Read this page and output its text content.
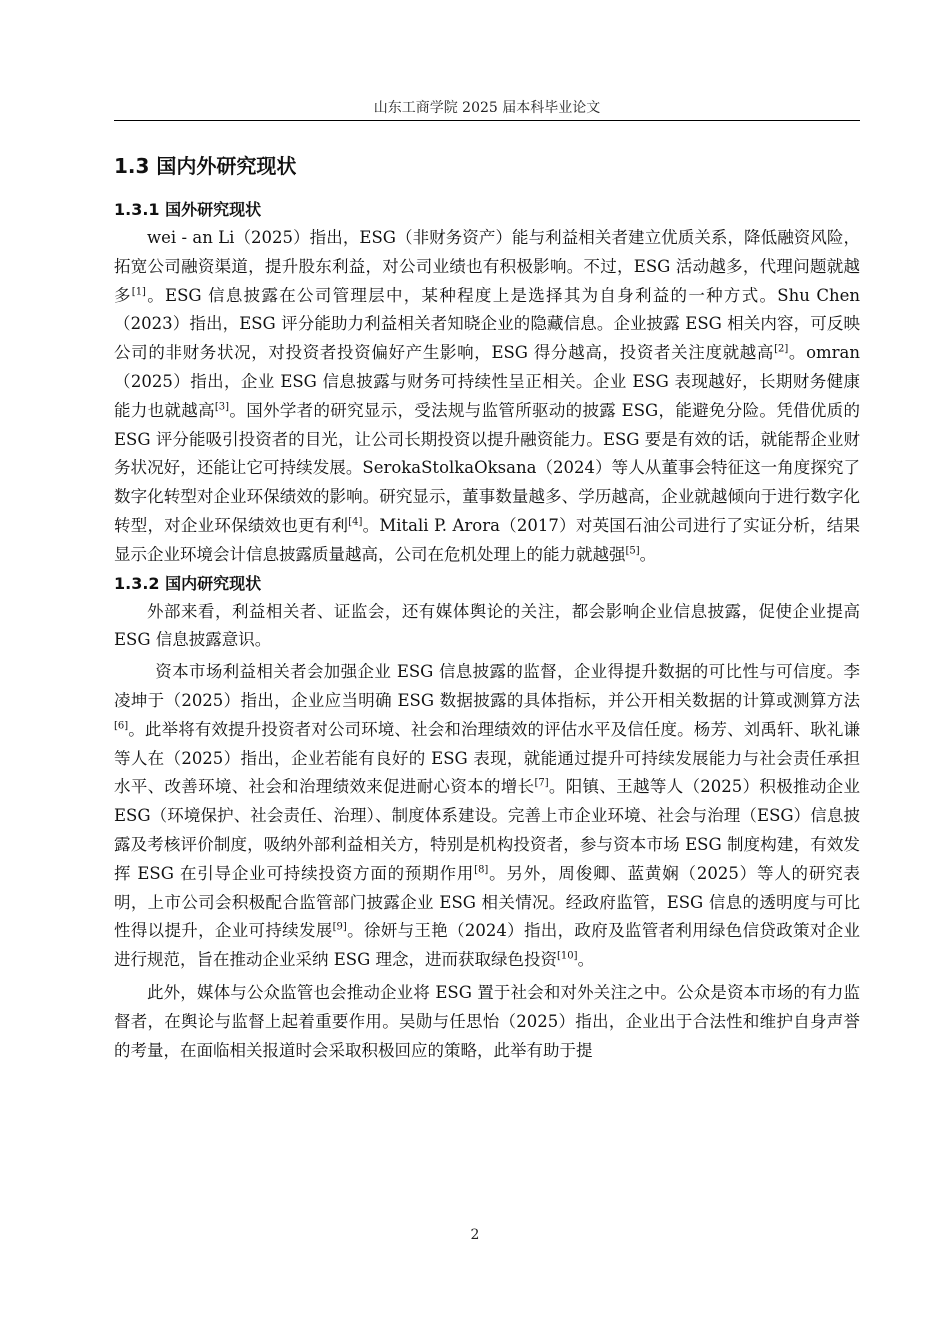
山东工商学院 2025 届本科毕业论文
1.3 国内外研究现状
1.3.1 国外研究现状

wei - an Li（2025）指出，ESG（非财务资产）能与利益相关者建立优质关系，降低融资风险，拓宽公司融资渠道，提升股东利益，对公司业绩也有积极影响。不过，ESG 活动越多，代理问题就越多[1]。ESG 信息披露在公司管理层中，某种程度上是选择其为自身利益的一种方式。Shu Chen（2023）指出，ESG 评分能助力利益相关者知晓企业的隐藏信息。企业披露 ESG 相关内容，可反映公司的非财务状况，对投资者投资偏好产生影响，ESG 得分越高，投资者关注度就越高[2]。omran（2025）指出，企业 ESG 信息披露与财务可持续性呈正相关。企业 ESG 表现越好，长期财务健康能力也就越高[3]。国外学者的研究显示，受法规与监管所驱动的披露 ESG，能避免分险。凭借优质的 ESG 评分能吸引投资者的目光，让公司长期投资以提升融资能力。ESG 要是有效的话，就能帮企业财务状况好，还能让它可持续发展。SerokaStolkaOksana（2024）等人从董事会特征这一角度探究了数字化转型对企业环保绩效的影响。研究显示，董事数量越多、学历越高，企业就越倾向于进行数字化转型，对企业环保绩效也更有利[4]。Mitali P. Arora（2017）对英国石油公司进行了实证分析，结果显示企业环境会计信息披露质量越高，公司在危机处理上的能力就越强[5]。

1.3.2 国内研究现状

外部来看，利益相关者、证监会，还有媒体舆论的关注，都会影响企业信息披露，促使企业提高 ESG 信息披露意识。

资本市场利益相关者会加强企业 ESG 信息披露的监督，企业得提升数据的可比性与可信度。李凌坤于（2025）指出，企业应当明确 ESG 数据披露的具体指标，并公开相关数据的计算或测算方法[6]。此举将有效提升投资者对公司环境、社会和治理绩效的评估水平及信任度。杨芳、刘禹轩、耿礼谦等人在（2025）指出，企业若能有良好的 ESG 表现，就能通过提升可持续发展能力与社会责任承担水平、改善环境、社会和治理绩效来促进耐心资本的增长[7]。阳镇、王越等人（2025）积极推动企业 ESG（环境保护、社会责任、治理）、制度体系建设。完善上市企业环境、社会与治理（ESG）信息披露及考核评价制度，吸纳外部利益相关方，特别是机构投资者，参与资本市场 ESG 制度构建，有效发挥 ESG 在引导企业可持续投资方面的预期作用[8]。另外，周俊卿、蓝黄娴（2025）等人的研究表明，上市公司会积极配合监管部门披露企业 ESG 相关情况。经政府监管，ESG 信息的透明度与可比性得以提升，企业可持续发展[9]。徐妍与王艳（2024）指出，政府及监管者利用绿色信贷政策对企业进行规范，旨在推动企业采纳 ESG 理念，进而获取绿色投资[10]。

此外，媒体与公众监管也会推动企业将 ESG 置于社会和对外关注之中。公众是资本市场的有力监督者，在舆论与监督上起着重要作用。吴勋与任思怡（2025）指出，企业出于合法性和维护自身声誉的考量，在面临相关报道时会采取积极回应的策略，此举有助于提

2
